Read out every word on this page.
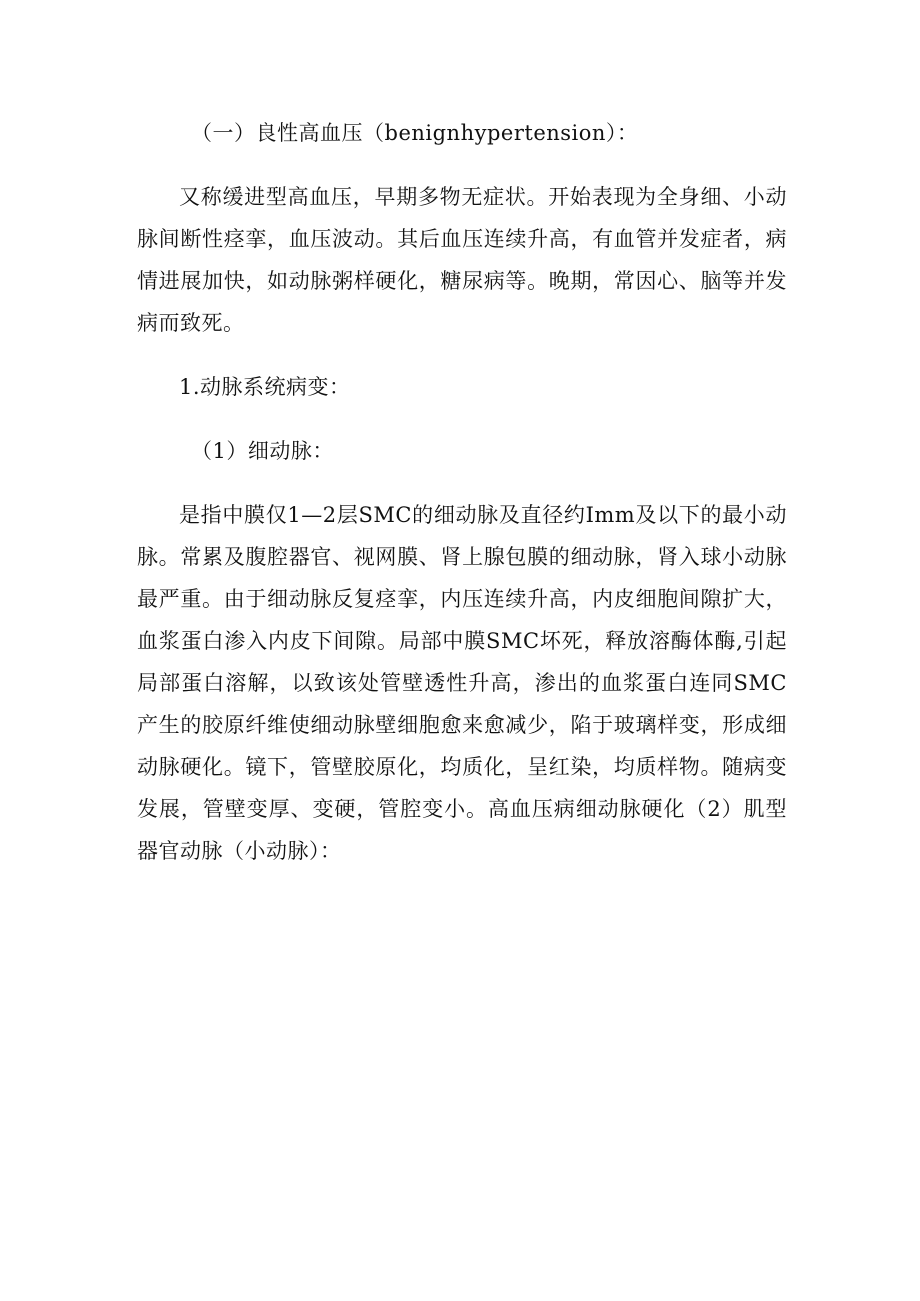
（一）良性高血压（benignhypertension）：

又称缓进型高血压，早期多物无症状。开始表现为全身细、小动脉间断性痉挛，血压波动。其后血压连续升高，有血管并发症者，病情进展加快，如动脉粥样硬化，糖尿病等。晚期，常因心、脑等并发病而致死。

1.动脉系统病变：

（1）细动脉：

是指中膜仅1—2层SMC的细动脉及直径约Imm及以下的最小动脉。常累及腹腔器官、视网膜、肾上腺包膜的细动脉，肾入球小动脉最严重。由于细动脉反复痉挛，内压连续升高，内皮细胞间隙扩大，血浆蛋白渗入内皮下间隙。局部中膜SMC坏死，释放溶酶体酶,引起局部蛋白溶解，以致该处管壁透性升高，渗出的血浆蛋白连同SMC产生的胶原纤维使细动脉壁细胞愈来愈减少，陷于玻璃样变，形成细动脉硬化。镜下，管壁胶原化，均质化，呈红染，均质样物。随病变发展，管壁变厚、变硬，管腔变小。高血压病细动脉硬化（2）肌型器官动脉（小动脉）：
